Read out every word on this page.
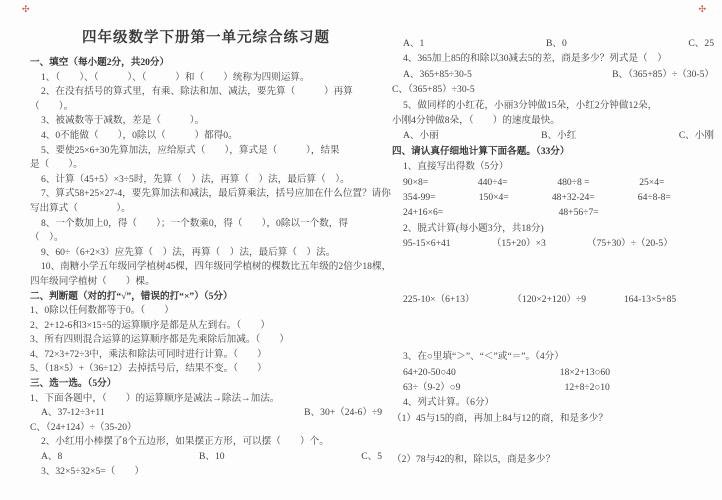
✣	✣
四年级数学下册第一单元综合练习题
一、填空（每小题2分，共20分）
1、（　　）、（　　　）、（　　　）和（　　）统称为四则运算。
2、在没有括号的算式里，有乘、除法和加、减法，要先算（　　　）再算
（　　）。
3、被减数等于减数，差是（　　　）。
4、0不能做（　　），0除以（　　　）都得0。
5、要使25×6+30先算加法，应给原式（　　），算式是（　　　），结果
是（　　）。
6、计算（45+5）×3÷5时，先算（　）法，再算（　）法，最后算（　）。
7、算式58+25×27-4，要先算加法和减法，最后算乘法，括号应加在什么位置？请你
写出算式（　　　　）。
8、一个数加上0，得（　　）；一个数乘0，得（　　），0除以一个数，得
（　）。
9、60÷（6+2×3）应先算（　）法，再算（　）法，最后算（　）法。
10、南糖小学五年级同学植树45棵，四年级同学植树的棵数比五年级的2倍少18棵，
四年级同学植树（　　）棵。
二、判断题（对的打“√”，错误的打“×”）（5分）
1、0除以任何数都等于0。（　　）
2、2+12-6和3×15÷5的运算顺序是都是从左到右。（　　）
3、所有四则混合运算的运算顺序都是先乘除后加减。（　　）
4、72×3+72÷3中，乘法和除法可同时进行计算。（　　）
5、（18×5）+（36÷12）去掉括号后，结果不变。（　　）
三、选一选。（5分）
1、下面各题中，（　　）的运算顺序是减法→除法→加法。
A、37-12÷3+11	B、30+（24-6）÷9
C、（24+124）÷（35-20）
2、小红用小棒摆了8个五边形，如果摆正方形，可以摆（　　）个。
A、8	B、10	C、5
3、32×5÷32×5=（　　）
A、1	B、0	C、25
4、365加上85的和除以30减去5的差，商是多少？列式是（　）
A、365+85÷30-5	B、（365+85）÷（30-5）
C、（365+85）÷30-5
5、做同样的小红花，小丽3分钟做15朵，小红2分钟做12朵，
小刚4分钟做8朵，（　　）的速度最快。
A、小丽	B、小红	C、小刚
四、请认真仔细地计算下面各题。（33分）
1、直接写出得数（5分）
90×8=	440÷4=	480÷8 =	25×4=
354-99=	150×4=	48+32-24=	64÷8-8=
24+16×6=	48+56÷7=
2、脱式计算(每小题3分，共18分)
95-15×6+41	（15+20）×3	（75+30）÷（20-5）
225-10×（6+13）	（120×2+120）÷9	164-13×5+85
3、在○里填“＞”、“＜”或“＝”。（4分）
64+20-50○40	18×2+13○60
63÷（9-2）○9	12+8÷2○10
4、列式计算。（6分）
（1）45与15的商，再加上84与12的商，和是多少？
（2）78与42的和，除以5，商是多少？
